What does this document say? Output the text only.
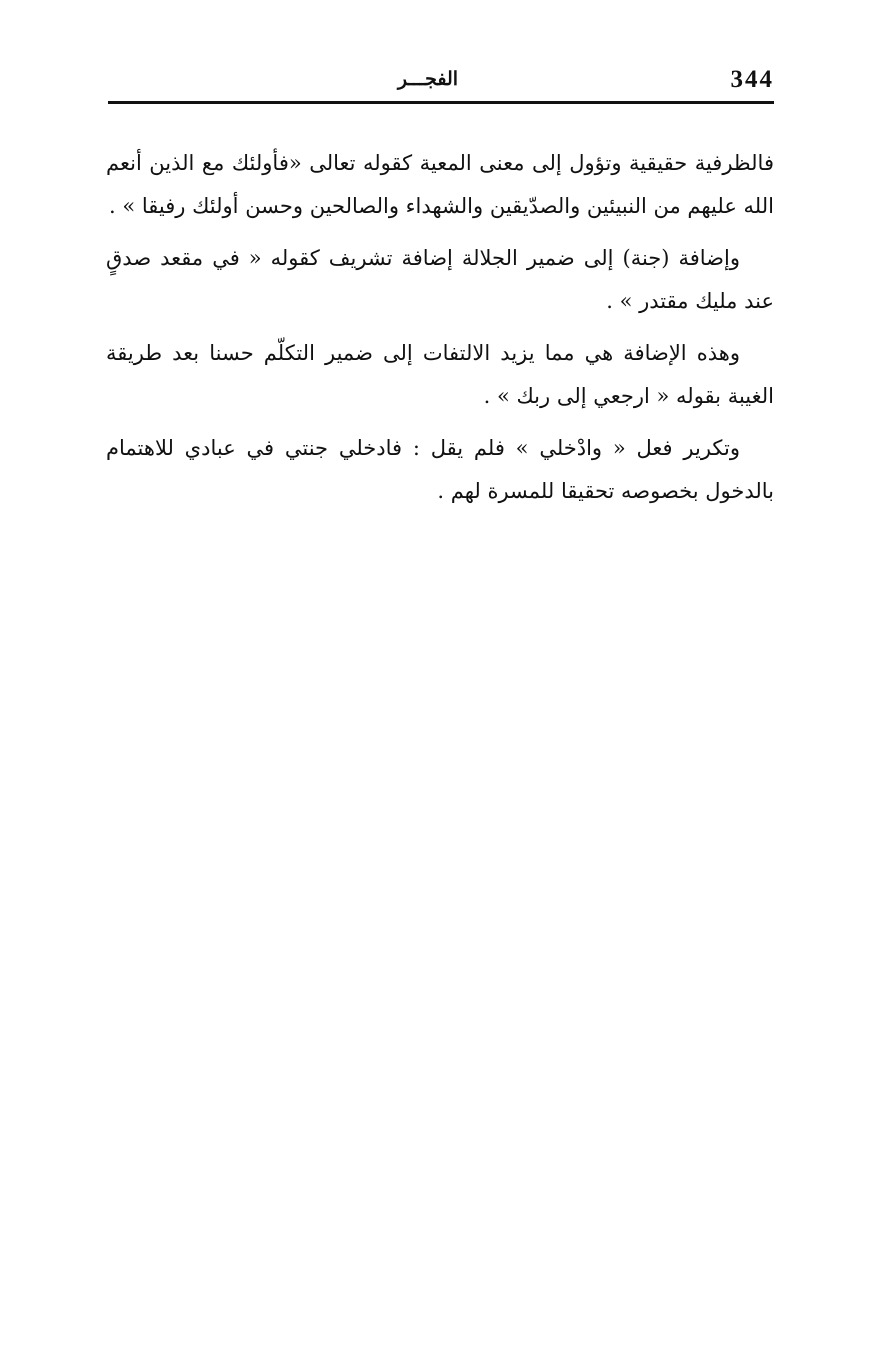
344
الفجـــر

فالظرفية حقيقية وتؤول إلى معنى المعية كقوله تعالى «فأولئك مع الذين أنعم الله عليهم من النبيئين والصدّيقين والشهداء والصالحين وحسن أولئك رفيقا » .

وإضافة (جنة) إلى ضمير الجلالة إضافة تشريف كقوله « في مقعد صدقٍ عند مليك مقتدر » .

وهذه الإضافة هي مما يزيد الالتفات إلى ضمير التكلّم حسنا بعد طريقة الغيبة بقوله « ارجعي إلى ربك » .

وتكرير فعل « وادْخلي » فلم يقل : فادخلي جنتي في عبادي للاهتمام بالدخول بخصوصه تحقيقا للمسرة لهم .
